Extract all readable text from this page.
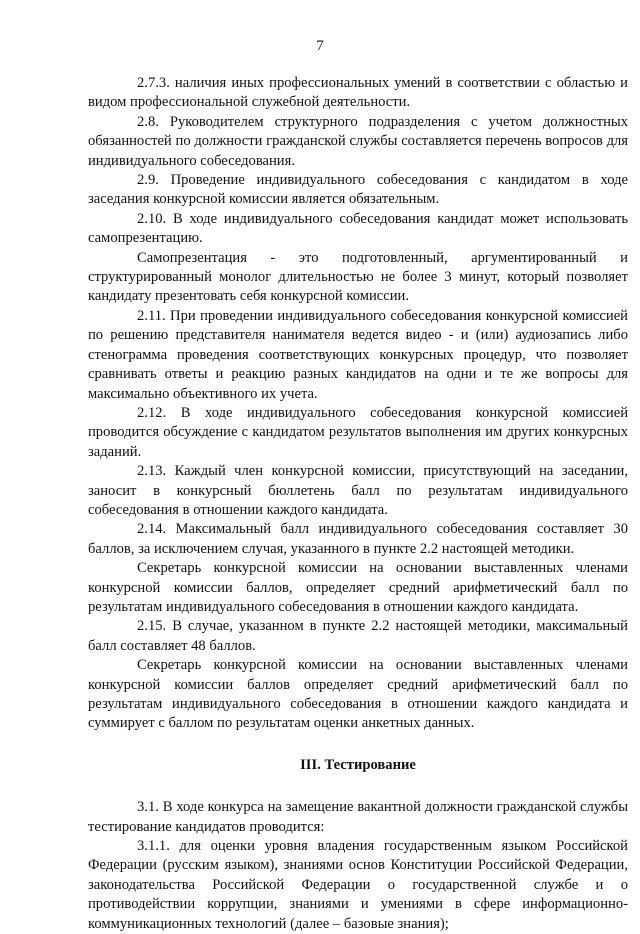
7

2.7.3. наличия иных профессиональных умений в соответствии с областью и видом профессиональной служебной деятельности.

2.8. Руководителем структурного подразделения с учетом должностных обязанностей по должности гражданской службы составляется перечень вопросов для индивидуального собеседования.

2.9. Проведение индивидуального собеседования с кандидатом в ходе заседания конкурсной комиссии является обязательным.

2.10. В ходе индивидуального собеседования кандидат может использовать самопрезентацию.

Самопрезентация - это подготовленный, аргументированный и структурированный монолог длительностью не более 3 минут, который позволяет кандидату презентовать себя конкурсной комиссии.

2.11. При проведении индивидуального собеседования конкурсной комиссией по решению представителя нанимателя ведется видео - и (или) аудиозапись либо стенограмма проведения соответствующих конкурсных процедур, что позволяет сравнивать ответы и реакцию разных кандидатов на одни и те же вопросы для максимально объективного их учета.

2.12. В ходе индивидуального собеседования конкурсной комиссией проводится обсуждение с кандидатом результатов выполнения им других конкурсных заданий.

2.13. Каждый член конкурсной комиссии, присутствующий на заседании, заносит в конкурсный бюллетень балл по результатам индивидуального собеседования в отношении каждого кандидата.

2.14. Максимальный балл индивидуального собеседования составляет 30 баллов, за исключением случая, указанного в пункте 2.2 настоящей методики.

Секретарь конкурсной комиссии на основании выставленных членами конкурсной комиссии баллов, определяет средний арифметический балл по результатам индивидуального собеседования в отношении каждого кандидата.

2.15. В случае, указанном в пункте 2.2 настоящей методики, максимальный балл составляет 48 баллов.

Секретарь конкурсной комиссии на основании выставленных членами конкурсной комиссии баллов определяет средний арифметический балл по результатам индивидуального собеседования в отношении каждого кандидата и суммирует с баллом по результатам оценки анкетных данных.

III. Тестирование

3.1. В ходе конкурса на замещение вакантной должности гражданской службы тестирование кандидатов проводится:

3.1.1. для оценки уровня владения государственным языком Российской Федерации (русским языком), знаниями основ Конституции Российской Федерации, законодательства Российской Федерации о государственной службе и о противодействии коррупции, знаниями и умениями в сфере информационно-коммуникационных технологий (далее – базовые знания);
